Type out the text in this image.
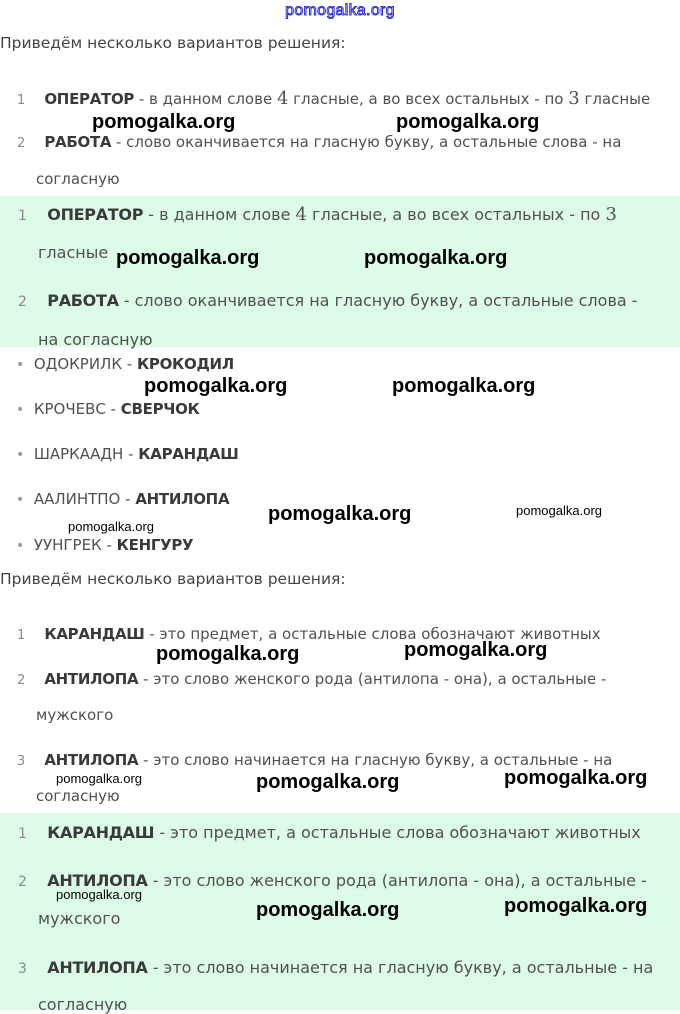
pomogalka.org
Приведём несколько вариантов решения:
1 ОПЕРАТОР - в данном слове 4 гласные, а во всех остальных - по 3 гласные
2 РАБОТА - слово оканчивается на гласную букву, а остальные слова - на
согласную
1 ОПЕРАТОР - в данном слове 4 гласные, а во всех остальных - по 3
гласные
2 РАБОТА - слово оканчивается на гласную букву, а остальные слова -
на согласную
• ОДОКРИЛК - КРОКОДИЛ
• КРОЧЕВС - СВЕРЧОК
• ШАРКААДН - КАРАНДАШ
• ААЛИНТПО - АНТИЛОПА
• УУНГРЕК - КЕНГУРУ
Приведём несколько вариантов решения:
1 КАРАНДАШ - это предмет, а остальные слова обозначают животных
2 АНТИЛОПА - это слово женского рода (антилопа - она), а остальные -
мужского
3 АНТИЛОПА - это слово начинается на гласную букву, а остальные - на
согласную
1 КАРАНДАШ - это предмет, а остальные слова обозначают животных
2 АНТИЛОПА - это слово женского рода (антилопа - она), а остальные -
мужского
3 АНТИЛОПА - это слово начинается на гласную букву, а остальные - на
согласную
pomogalka.org	pomogalka.org
pomogalka.org	pomogalka.org
pomogalka.org	pomogalka.org
pomogalka.org
pomogalka.org
pomogalka.org
pomogalka.org	pomogalka.org
pomogalka.org	pomogalka.org	pomogalka.org
pomogalka.org
pomogalka.org	pomogalka.org
